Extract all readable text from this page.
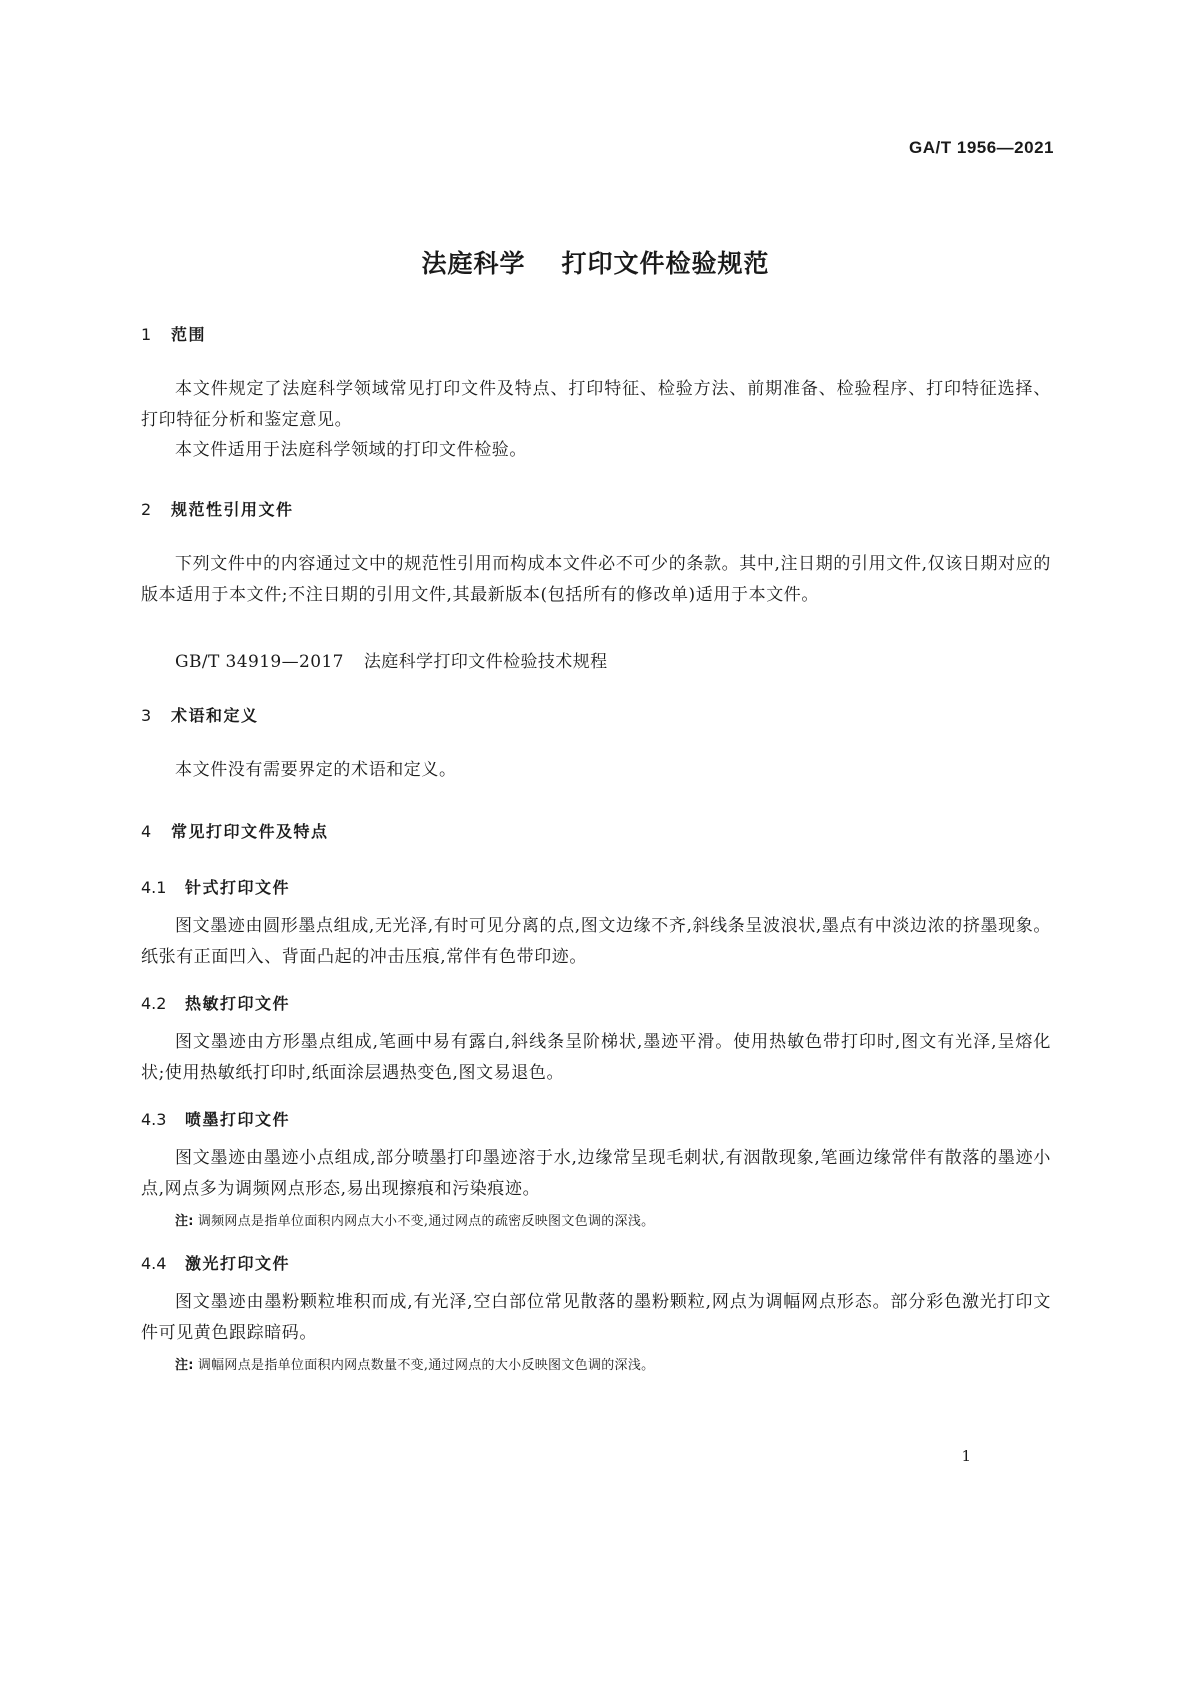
GA/T 1956—2021
法庭科学 打印文件检验规范
1 范围
本文件规定了法庭科学领域常见打印文件及特点、打印特征、检验方法、前期准备、检验程序、打印特征选择、打印特征分析和鉴定意见。
本文件适用于法庭科学领域的打印文件检验。
2 规范性引用文件
下列文件中的内容通过文中的规范性引用而构成本文件必不可少的条款。其中,注日期的引用文件,仅该日期对应的版本适用于本文件;不注日期的引用文件,其最新版本(包括所有的修改单)适用于本文件。
GB/T 34919—2017 法庭科学打印文件检验技术规程
3 术语和定义
本文件没有需要界定的术语和定义。
4 常见打印文件及特点
4.1 针式打印文件
图文墨迹由圆形墨点组成,无光泽,有时可见分离的点,图文边缘不齐,斜线条呈波浪状,墨点有中淡边浓的挤墨现象。纸张有正面凹入、背面凸起的冲击压痕,常伴有色带印迹。
4.2 热敏打印文件
图文墨迹由方形墨点组成,笔画中易有露白,斜线条呈阶梯状,墨迹平滑。使用热敏色带打印时,图文有光泽,呈熔化状;使用热敏纸打印时,纸面涂层遇热变色,图文易退色。
4.3 喷墨打印文件
图文墨迹由墨迹小点组成,部分喷墨打印墨迹溶于水,边缘常呈现毛刺状,有洇散现象,笔画边缘常伴有散落的墨迹小点,网点多为调频网点形态,易出现擦痕和污染痕迹。
注: 调频网点是指单位面积内网点大小不变,通过网点的疏密反映图文色调的深浅。
4.4 激光打印文件
图文墨迹由墨粉颗粒堆积而成,有光泽,空白部位常见散落的墨粉颗粒,网点为调幅网点形态。部分彩色激光打印文件可见黄色跟踪暗码。
注: 调幅网点是指单位面积内网点数量不变,通过网点的大小反映图文色调的深浅。
1
